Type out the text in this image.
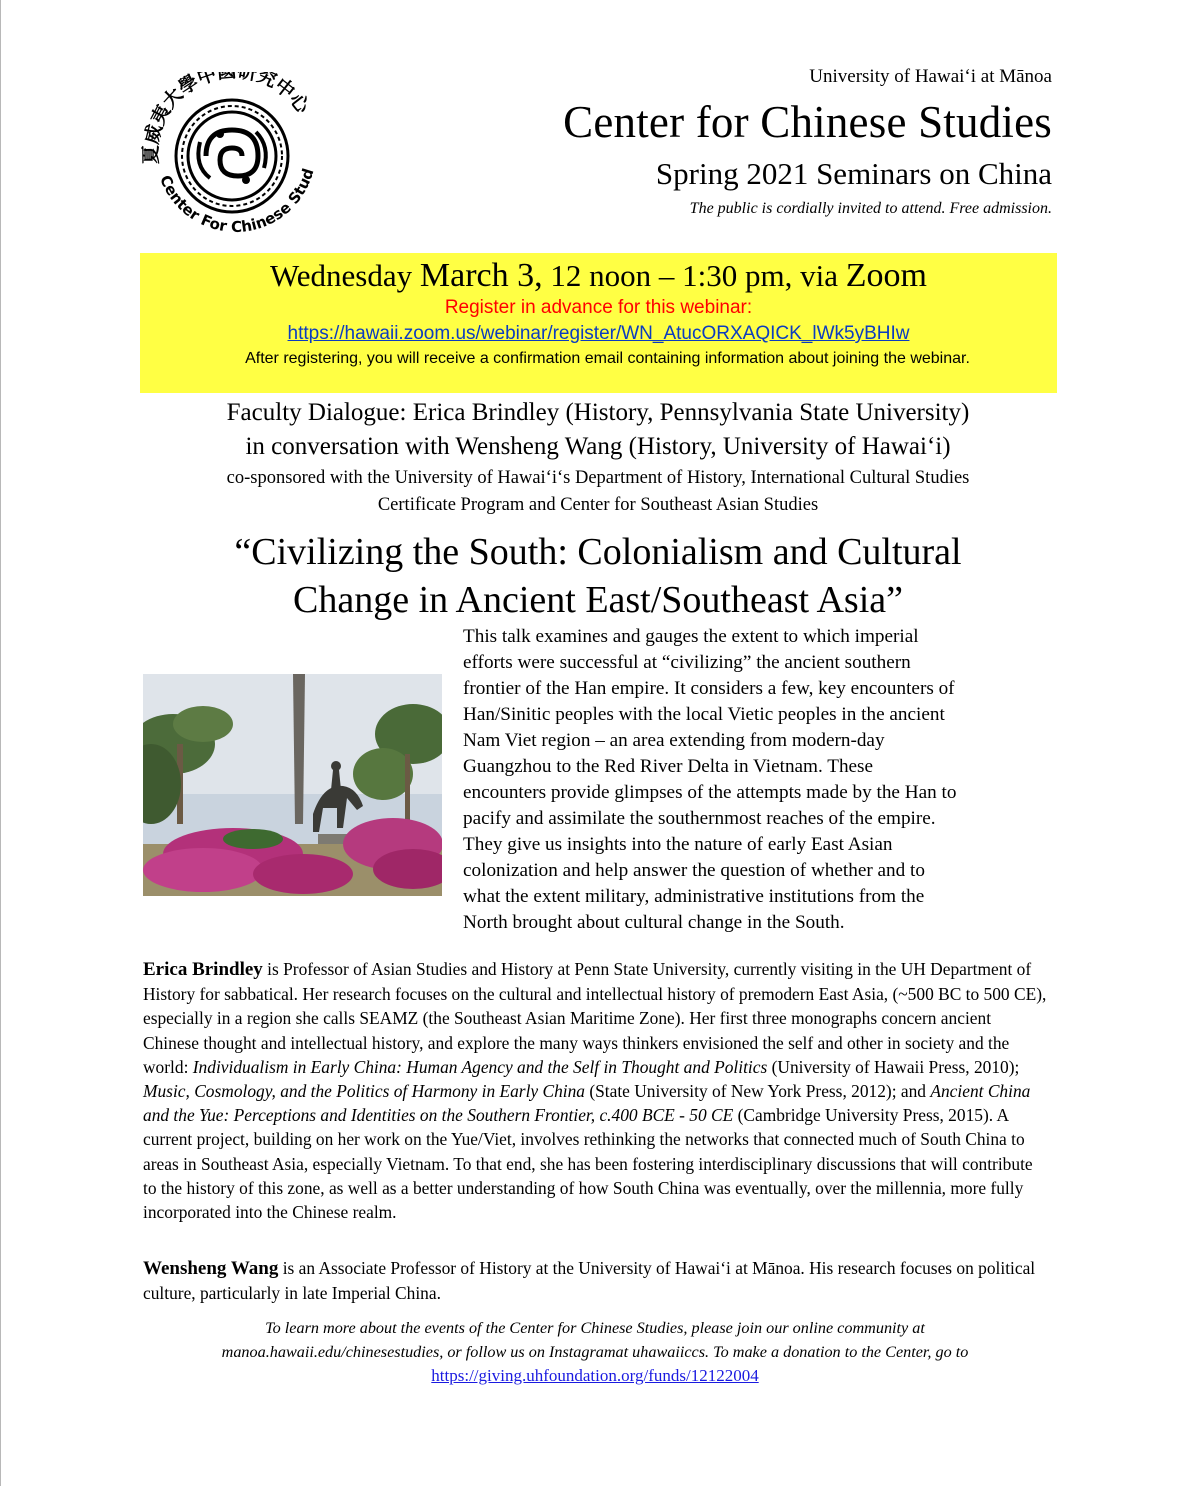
夏威夷大學中 研究中心
Center For Chinese Stud
University of Hawaiʻi at Mānoa
Center for Chinese Studies
Spring 2021 Seminars on China
The public is cordially invited to attend. Free admission.
Wednesday March 3, 12 noon – 1:30 pm, via Zoom
Register in advance for this webinar:
https://hawaii.zoom.us/webinar/register/WN_AtucORXAQICK_lWk5yBHIw
After registering, you will receive a confirmation email containing information about joining the webinar.
Faculty Dialogue: Erica Brindley (History, Pennsylvania State University)
in conversation with Wensheng Wang (History, University of Hawaiʻi)
co-sponsored with the University of Hawaiʻi‘s Department of History, International Cultural Studies
Certificate Program and Center for Southeast Asian Studies
“Civilizing the South: Colonialism and Cultural
Change in Ancient East/Southeast Asia”
This talk examines and gauges the extent to which imperial
efforts were successful at “civilizing” the ancient southern
frontier of the Han empire. It considers a few, key encounters of
Han/Sinitic peoples with the local Vietic peoples in the ancient
Nam Viet region – an area extending from modern-day
Guangzhou to the Red River Delta in Vietnam. These
encounters provide glimpses of the attempts made by the Han to
pacify and assimilate the southernmost reaches of the empire.
They give us insights into the nature of early East Asian
colonization and help answer the question of whether and to
what the extent military, administrative institutions from the
North brought about cultural change in the South.
Erica Brindley is Professor of Asian Studies and History at Penn State University, currently visiting in the UH Department of History for sabbatical. Her research focuses on the cultural and intellectual history of premodern East Asia, (~500 BC to 500 CE), especially in a region she calls SEAMZ (the Southeast Asian Maritime Zone). Her first three monographs concern ancient Chinese thought and intellectual history, and explore the many ways thinkers envisioned the self and other in society and the world: Individualism in Early China: Human Agency and the Self in Thought and Politics (University of Hawaii Press, 2010); Music, Cosmology, and the Politics of Harmony in Early China (State University of New York Press, 2012); and Ancient China and the Yue: Perceptions and Identities on the Southern Frontier, c.400 BCE - 50 CE (Cambridge University Press, 2015). A current project, building on her work on the Yue/Viet, involves rethinking the networks that connected much of South China to areas in Southeast Asia, especially Vietnam. To that end, she has been fostering interdisciplinary discussions that will contribute to the history of this zone, as well as a better understanding of how South China was eventually, over the millennia, more fully incorporated into the Chinese realm.
Wensheng Wang is an Associate Professor of History at the University of Hawaiʻi at Mānoa. His research focuses on political culture, particularly in late Imperial China.
To learn more about the events of the Center for Chinese Studies, please join our online community at
manoa.hawaii.edu/chinesestudies, or follow us on Instagramat uhawaiiccs. To make a donation to the Center, go to
https://giving.uhfoundation.org/funds/12122004
